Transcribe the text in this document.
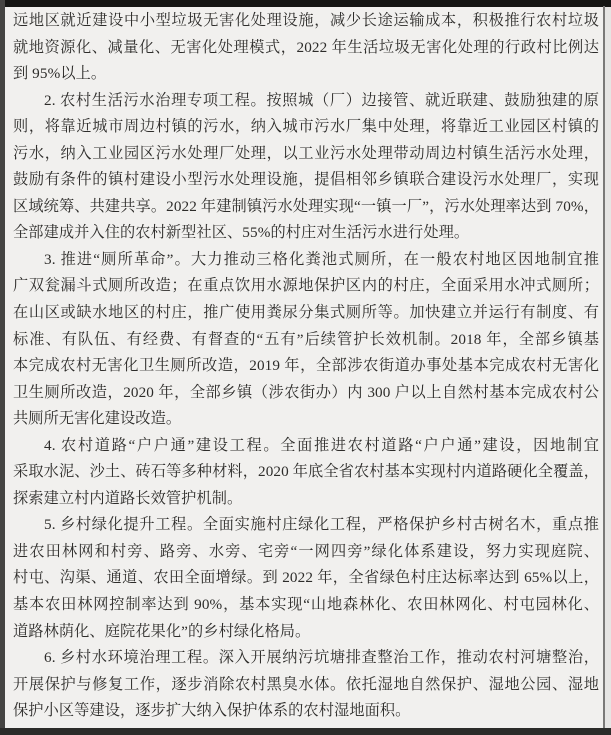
远地区就近建设中小型垃圾无害化处理设施，减少长途运输成本，积极推行农村垃圾
就地资源化、减量化、无害化处理模式，2022 年生活垃圾无害化处理的行政村比例达
到 95%以上。
2. 农村生活污水治理专项工程。按照城（厂）边接管、就近联建、鼓励独建的原
则，将靠近城市周边村镇的污水，纳入城市污水厂集中处理，将靠近工业园区村镇的
污水，纳入工业园区污水处理厂处理，以工业污水处理带动周边村镇生活污水处理，
鼓励有条件的镇村建设小型污水处理设施，提倡相邻乡镇联合建设污水处理厂，实现
区域统筹、共建共享。2022 年建制镇污水处理实现“一镇一厂”，污水处理率达到 70%，
全部建成并入住的农村新型社区、55%的村庄对生活污水进行处理。
3. 推进“厕所革命”。大力推动三格化粪池式厕所，在一般农村地区因地制宜推
广双瓮漏斗式厕所改造；在重点饮用水源地保护区内的村庄，全面采用水冲式厕所；
在山区或缺水地区的村庄，推广使用粪尿分集式厕所等。加快建立并运行有制度、有
标准、有队伍、有经费、有督查的“五有”后续管护长效机制。2018 年，全部乡镇基
本完成农村无害化卫生厕所改造，2019 年，全部涉农街道办事处基本完成农村无害化
卫生厕所改造，2020 年，全部乡镇（涉农街办）内 300 户以上自然村基本完成农村公
共厕所无害化建设改造。
4. 农村道路“户户通”建设工程。全面推进农村道路“户户通”建设，因地制宜
采取水泥、沙土、砖石等多种材料，2020 年底全省农村基本实现村内道路硬化全覆盖，
探索建立村内道路长效管护机制。
5. 乡村绿化提升工程。全面实施村庄绿化工程，严格保护乡村古树名木，重点推
进农田林网和村旁、路旁、水旁、宅旁“一网四旁”绿化体系建设，努力实现庭院、
村屯、沟渠、通道、农田全面增绿。到 2022 年，全省绿色村庄达标率达到 65%以上，
基本农田林网控制率达到 90%，基本实现“山地森林化、农田林网化、村屯园林化、
道路林荫化、庭院花果化”的乡村绿化格局。
6. 乡村水环境治理工程。深入开展纳污坑塘排查整治工作，推动农村河塘整治，
开展保护与修复工作，逐步消除农村黑臭水体。依托湿地自然保护、湿地公园、湿地
保护小区等建设，逐步扩大纳入保护体系的农村湿地面积。
